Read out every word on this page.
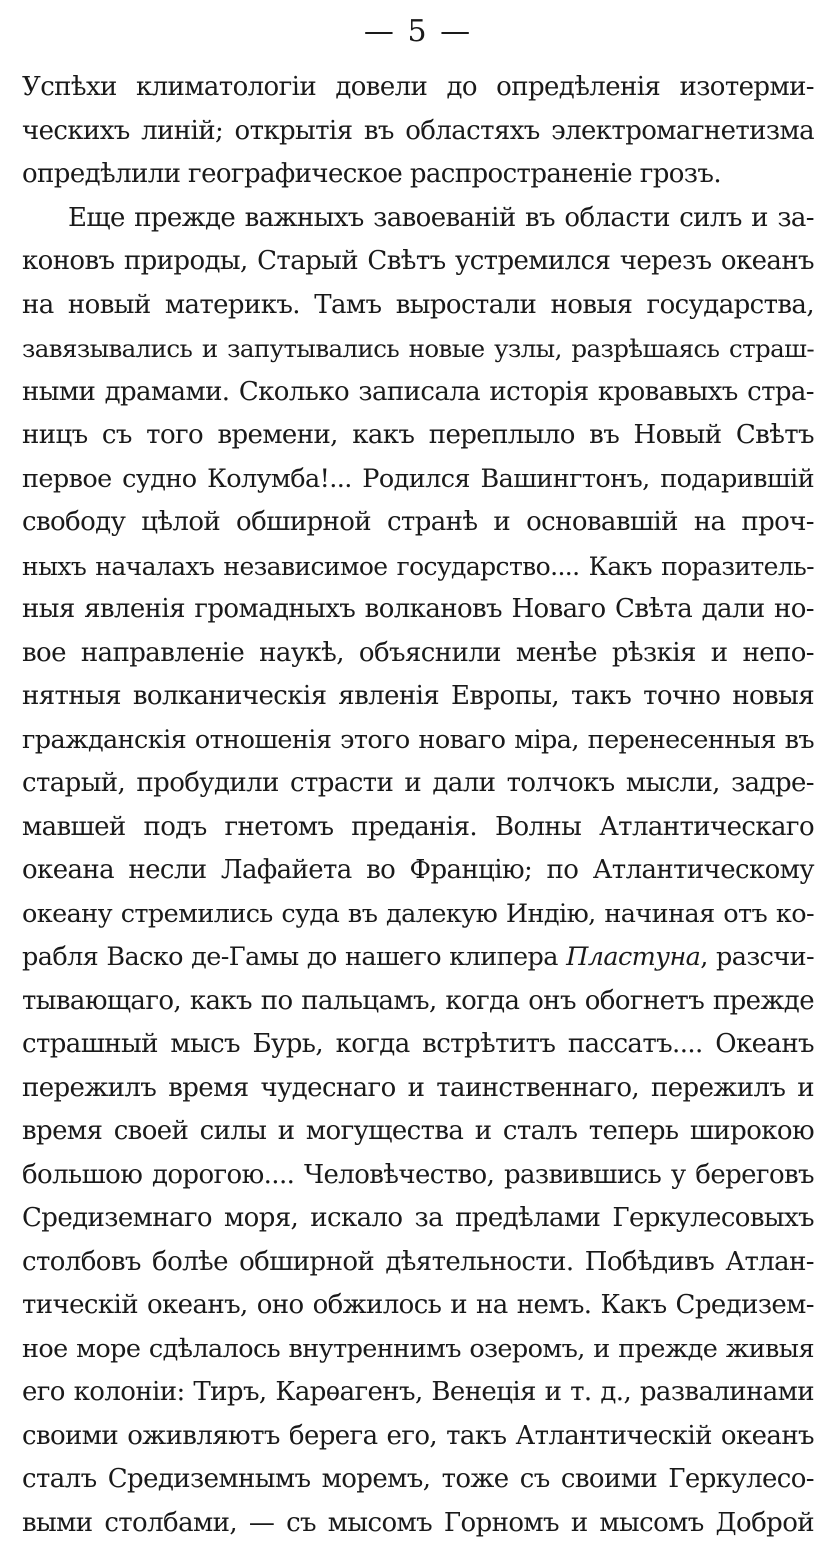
— 5 —
Успѣхи климатологіи довели до опредѣленія изотерми-
ческихъ линій; открытія въ областяхъ электромагнетизма
опредѣлили географическое распространеніе грозъ.
Еще прежде важныхъ завоеваній въ области силъ и за-
коновъ природы, Старый Свѣтъ устремился черезъ океанъ
на новый материкъ. Тамъ выростали новыя государства,
завязывались и запутывались новые узлы, разрѣшаясь страш-
ными драмами. Сколько записала исторія кровавыхъ стра-
ницъ съ того времени, какъ переплыло въ Новый Свѣтъ
первое судно Колумба!... Родился Вашингтонъ, подарившій
свободу цѣлой обширной странѣ и основавшій на проч-
ныхъ началахъ независимое государство.... Какъ поразитель-
ныя явленія громадныхъ волкановъ Новаго Свѣта дали но-
вое направленіе наукѣ, объяснили менѣе рѣзкія и непо-
нятныя волканическія явленія Европы, такъ точно новыя
гражданскія отношенія этого новаго міра, перенесенныя въ
старый, пробудили страсти и дали толчокъ мысли, задре-
мавшей подъ гнетомъ преданія. Волны Атлантическаго
океана несли Лафайета во Францію; по Атлантическому
океану стремились суда въ далекую Индію, начиная отъ ко-
рабля Васко де-Гамы до нашего клипера Пластуна, разсчи-
тывающаго, какъ по пальцамъ, когда онъ обогнетъ прежде
страшный мысъ Бурь, когда встрѣтитъ пассатъ.... Океанъ
пережилъ время чудеснаго и таинственнаго, пережилъ и
время своей силы и могущества и сталъ теперь широкою
большою дорогою.... Человѣчество, развившись у береговъ
Средиземнаго моря, искало за предѣлами Геркулесовыхъ
столбовъ болѣе обширной дѣятельности. Побѣдивъ Атлан-
тическій океанъ, оно обжилось и на немъ. Какъ Средизем-
ное море сдѣлалось внутреннимъ озеромъ, и прежде живыя
его колоніи: Тиръ, Карѳагенъ, Венеція и т. д., развалинами
своими оживляютъ берега его, такъ Атлантическій океанъ
сталъ Средиземнымъ моремъ, тоже съ своими Геркулесо-
выми столбами, — съ мысомъ Горномъ и мысомъ Доброй
